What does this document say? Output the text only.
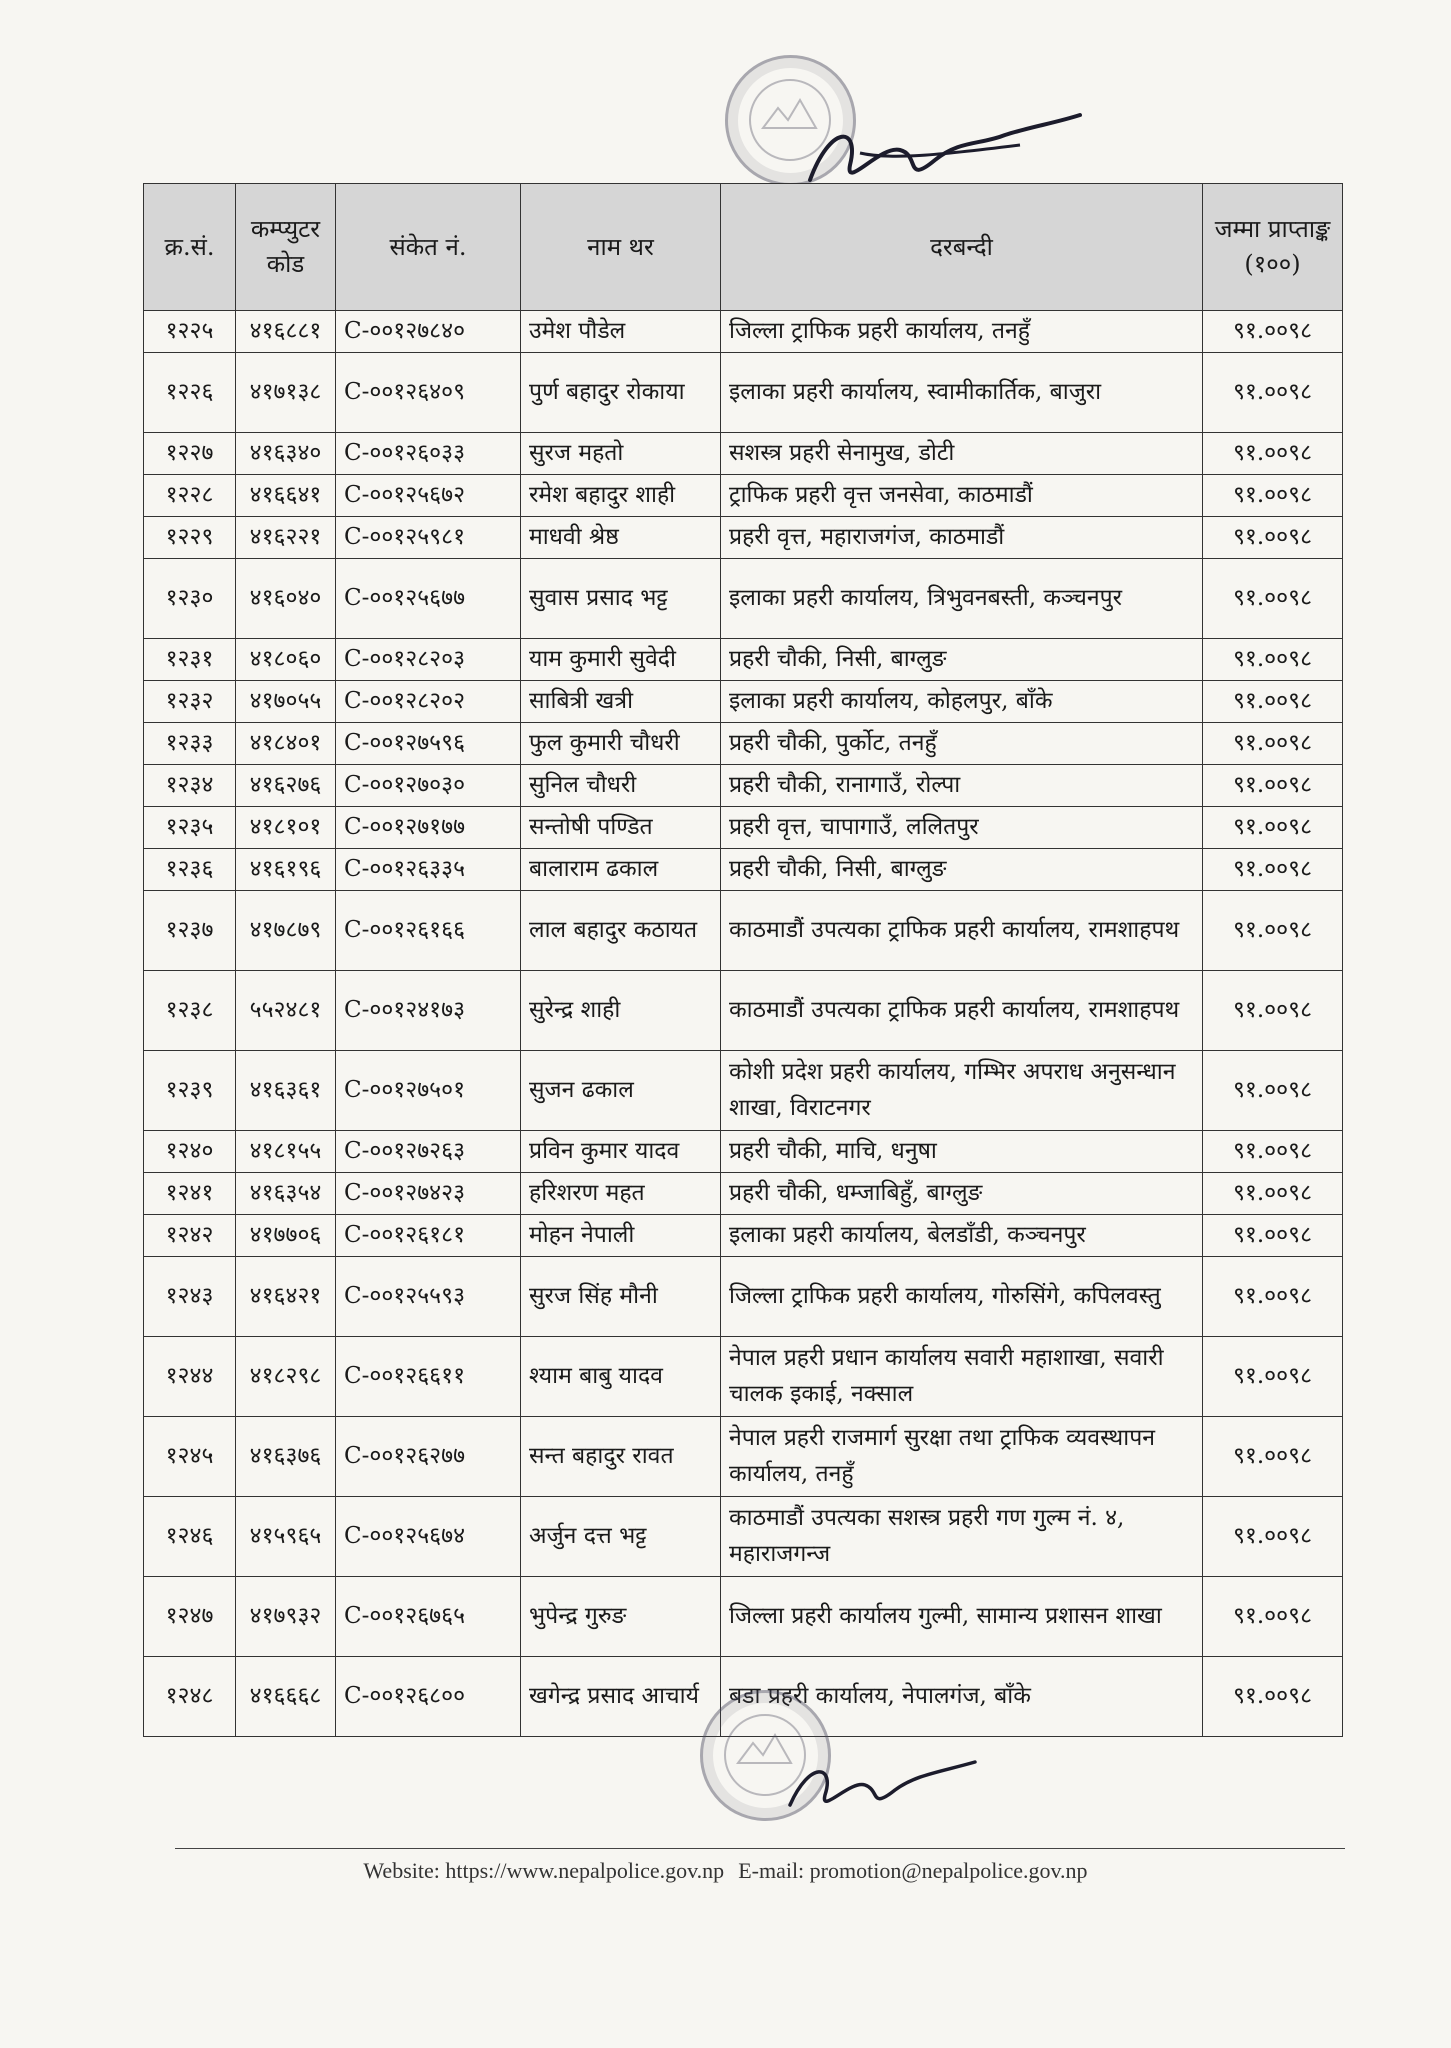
क्र.सं.	कम्प्युटर कोड	संकेत नं.	नाम थर	दरबन्दी	जम्मा प्राप्ताङ्क (१००)
१२२५	४१६८८१	C-००१२७८४०	उमेश पौडेल	जिल्ला ट्राफिक प्रहरी कार्यालय, तनहुँ	९१.००९८
१२२६	४१७१३८	C-००१२६४०९	पुर्ण बहादुर रोकाया	इलाका प्रहरी कार्यालय, स्वामीकार्तिक, बाजुरा	९१.००९८
१२२७	४१६३४०	C-००१२६०३३	सुरज महतो	सशस्त्र प्रहरी सेनामुख, डोटी	९१.००९८
१२२८	४१६६४१	C-००१२५६७२	रमेश बहादुर शाही	ट्राफिक प्रहरी वृत्त जनसेवा, काठमाडौं	९१.००९८
१२२९	४१६२२१	C-००१२५९८१	माधवी श्रेष्ठ	प्रहरी वृत्त, महाराजगंज, काठमाडौं	९१.००९८
१२३०	४१६०४०	C-००१२५६७७	सुवास प्रसाद भट्ट	इलाका प्रहरी कार्यालय, त्रिभुवनबस्ती, कञ्चनपुर	९१.००९८
१२३१	४१८०६०	C-००१२८२०३	याम कुमारी सुवेदी	प्रहरी चौकी, निसी, बाग्लुङ	९१.००९८
१२३२	४१७०५५	C-००१२८२०२	साबित्री खत्री	इलाका प्रहरी कार्यालय, कोहलपुर, बाँके	९१.००९८
१२३३	४१८४०१	C-००१२७५९६	फुल कुमारी चौधरी	प्रहरी चौकी, पुर्कोट, तनहुँ	९१.००९८
१२३४	४१६२७६	C-००१२७०३०	सुनिल चौधरी	प्रहरी चौकी, रानागाउँ, रोल्पा	९१.००९८
१२३५	४१८१०१	C-००१२७१७७	सन्तोषी पण्डित	प्रहरी वृत्त, चापागाउँ, ललितपुर	९१.००९८
१२३६	४१६१९६	C-००१२६३३५	बालाराम ढकाल	प्रहरी चौकी, निसी, बाग्लुङ	९१.००९८
१२३७	४१७८७९	C-००१२६१६६	लाल बहादुर कठायत	काठमाडौं उपत्यका ट्राफिक प्रहरी कार्यालय, रामशाहपथ	९१.००९८
१२३८	५५२४८१	C-००१२४१७३	सुरेन्द्र शाही	काठमाडौं उपत्यका ट्राफिक प्रहरी कार्यालय, रामशाहपथ	९१.००९८
१२३९	४१६३६१	C-००१२७५०१	सुजन ढकाल	कोशी प्रदेश प्रहरी कार्यालय, गम्भिर अपराध अनुसन्धान शाखा, विराटनगर	९१.००९८
१२४०	४१८१५५	C-००१२७२६३	प्रविन कुमार यादव	प्रहरी चौकी, माचि, धनुषा	९१.००९८
१२४१	४१६३५४	C-००१२७४२३	हरिशरण महत	प्रहरी चौकी, धम्जाबिहुँ, बाग्लुङ	९१.००९८
१२४२	४१७७०६	C-००१२६१८१	मोहन नेपाली	इलाका प्रहरी कार्यालय, बेलडाँडी, कञ्चनपुर	९१.००९८
१२४३	४१६४२१	C-००१२५५९३	सुरज सिंह मौनी	जिल्ला ट्राफिक प्रहरी कार्यालय, गोरुसिंगे, कपिलवस्तु	९१.००९८
१२४४	४१८२९८	C-००१२६६११	श्याम बाबु यादव	नेपाल प्रहरी प्रधान कार्यालय सवारी महाशाखा, सवारी चालक इकाई, नक्साल	९१.००९८
१२४५	४१६३७६	C-००१२६२७७	सन्त बहादुर रावत	नेपाल प्रहरी राजमार्ग सुरक्षा तथा ट्राफिक व्यवस्थापन कार्यालय, तनहुँ	९१.००९८
१२४६	४१५९६५	C-००१२५६७४	अर्जुन दत्त भट्ट	काठमाडौं उपत्यका सशस्त्र प्रहरी गण गुल्म नं. ४, महाराजगन्ज	९१.००९८
१२४७	४१७९३२	C-००१२६७६५	भुपेन्द्र गुरुङ	जिल्ला प्रहरी कार्यालय गुल्मी, सामान्य प्रशासन शाखा	९१.००९८
१२४८	४१६६६८	C-००१२६८००	खगेन्द्र प्रसाद आचार्य	बडा प्रहरी कार्यालय, नेपालगंज, बाँके	९१.००९८
Website: https://www.nepalpolice.gov.np E-mail: promotion@nepalpolice.gov.np
